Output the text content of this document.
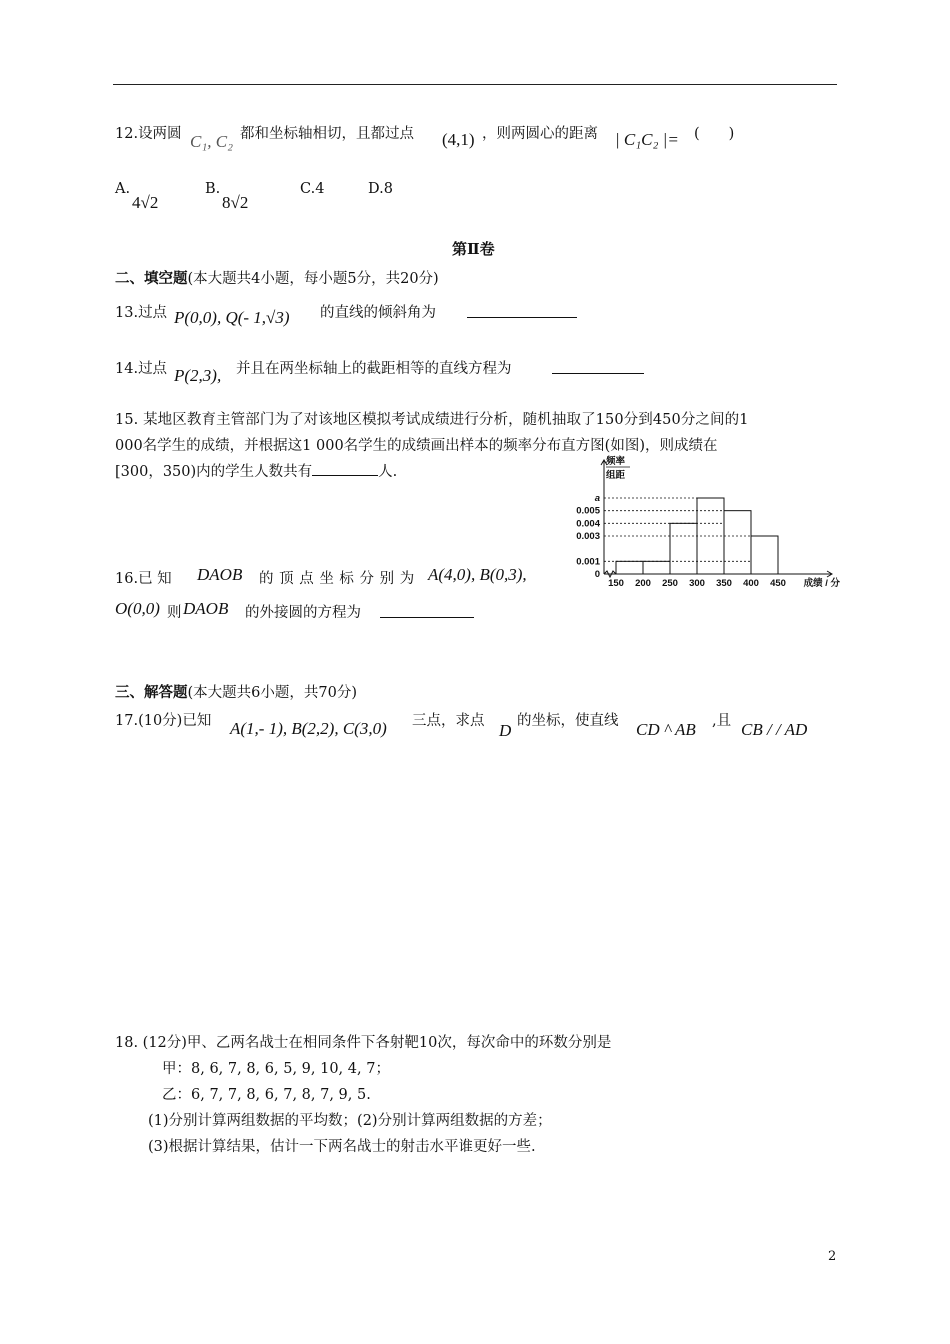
12.设两圆 C₁, C₂ 都和坐标轴相切，且都过点 (4,1) ，则两圆心的距离 | C₁C₂ |= (　　)
A.
4√2
B.
8√2
C.4	D.8
第Ⅱ卷
二、填空题(本大题共4小题，每小题5分，共20分)
13.过点 P(0,0), Q(- 1,√3) 的直线的倾斜角为
14.过点 P(2,3), 并且在两坐标轴上的截距相等的直线方程为
15. 某地区教育主管部门为了对该地区模拟考试成绩进行分析，随机抽取了150分到450分之间的1
000名学生的成绩，并根据这1 000名学生的成绩画出样本的频率分布直方图(如图)，则成绩在
[300，350)内的学生人数共有	人.
a
0.005
0.004
0.003
0.001
0
150 200 250 300 350 400 450 成绩 / 分
频率
组距
16.已 知 DAOB 的 顶 点 坐 标 分 别 为 A(4,0), B(0,3),
O(0,0) 则 DAOB 的外接圆的方程为
三、解答题(本大题共6小题，共70分)
17.(10分)已知 A(1,- 1), B(2,2), C(3,0) 三点，求点 D 的坐标，使直线 CD ^ AB ,且 CB / / AD
18. (12分)甲、乙两名战士在相同条件下各射靶10次，每次命中的环数分别是
甲：8, 6, 7, 8, 6, 5, 9, 10, 4, 7；
乙：6, 7, 7, 8, 6, 7, 8, 7, 9, 5.
(1)分别计算两组数据的平均数；(2)分别计算两组数据的方差；
(3)根据计算结果，估计一下两名战士的射击水平谁更好一些.
2
